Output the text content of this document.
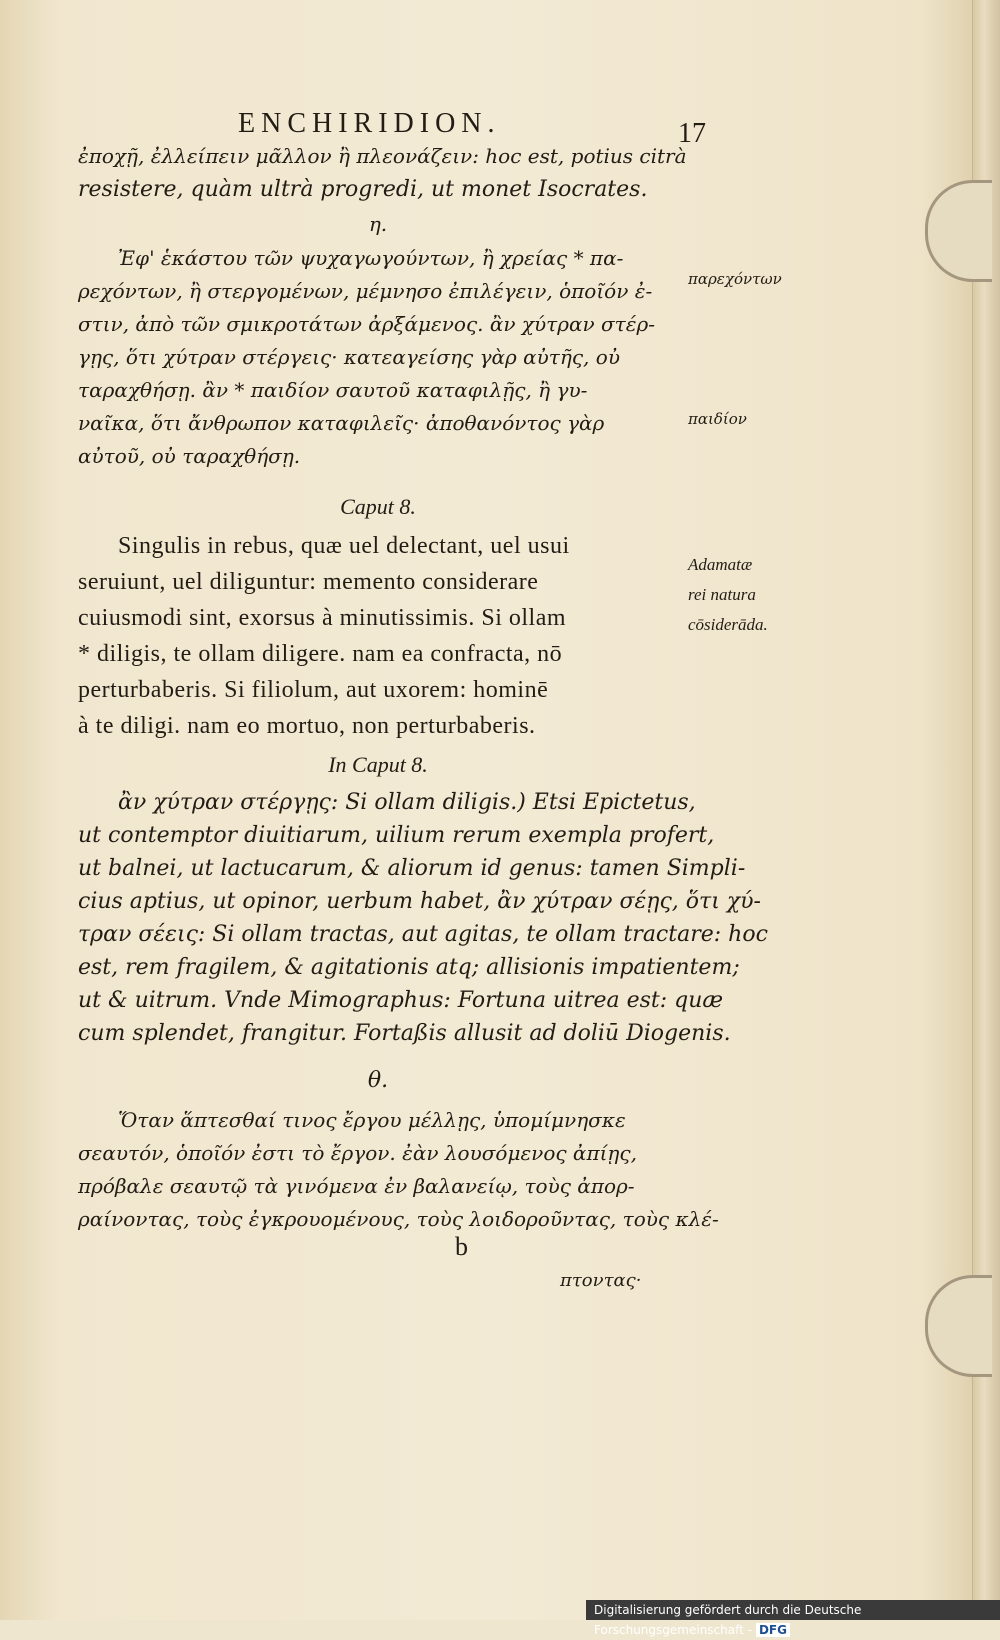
ENCHIRIDION.	17
ἐποχῇ, ἐλλείπειν μᾶλλον ἢ πλεονάζειν: hoc est, potius citrà
resistere, quàm ultrà progredi, ut monet Isocrates.
η.
Ἐφ' ἑκάστου τῶν ψυχαγωγούντων, ἢ χρείας * πα-
ρεχόντων, ἢ στεργομένων, μέμνησο ἐπιλέγειν, ὁποῖόν ἐ-
στιν, ἀπὸ τῶν σμικροτάτων ἀρξάμενος. ἂν χύτραν στέρ-
γῃς, ὅτι χύτραν στέργεις· κατεαγείσης γὰρ αὐτῆς, οὐ
ταραχθήσῃ. ἂν * παιδίον σαυτοῦ καταφιλῇς, ἢ γυ-
ναῖκα, ὅτι ἄνθρωπον καταφιλεῖς· ἀποθανόντος γὰρ
αὐτοῦ, οὐ ταραχθήσῃ.
παρεχόντων
παιδίον
Caput 8.
Singulis in rebus, quæ uel delectant, uel usui
seruiunt, uel diliguntur: memento considerare
cuiusmodi sint, exorsus à minutissimis. Si ollam
* diligis, te ollam diligere. nam ea confracta, nō
perturbaberis. Si filiolum, aut uxorem: hominē
à te diligi. nam eo mortuo, non perturbaberis.
Adamatæ
rei natura
cōsiderāda.
In Caput 8.
ἂν χύτραν στέργῃς: Si ollam diligis.) Etsi Epictetus,
ut contemptor diuitiarum, uilium rerum exempla profert,
ut balnei, ut lactucarum, & aliorum id genus: tamen Simpli-
cius aptius, ut opinor, uerbum habet, ἂν χύτραν σέῃς, ὅτι χύ-
τραν σέεις: Si ollam tractas, aut agitas, te ollam tractare: hoc
est, rem fragilem, & agitationis atq; allisionis impatientem;
ut & uitrum. Vnde Mimographus: Fortuna uitrea est: quæ
cum splendet, frangitur. Fortaßis allusit ad doliū Diogenis.
θ.
Ὅταν ἅπτεσθαί τινος ἔργου μέλλῃς, ὑπομίμνησκε
σεαυτόν, ὁποῖόν ἐστι τὸ ἔργον. ἐὰν λουσόμενος ἀπίῃς,
πρόβαλε σεαυτῷ τὰ γινόμενα ἐν βαλανείῳ, τοὺς ἀπορ-
ραίνοντας, τοὺς ἐγκρουομένους, τοὺς λοιδοροῦντας, τοὺς κλέ-
b
πτοντας·
Digitalisierung gefördert durch die Deutsche Forschungsgemeinschaft - DFG
